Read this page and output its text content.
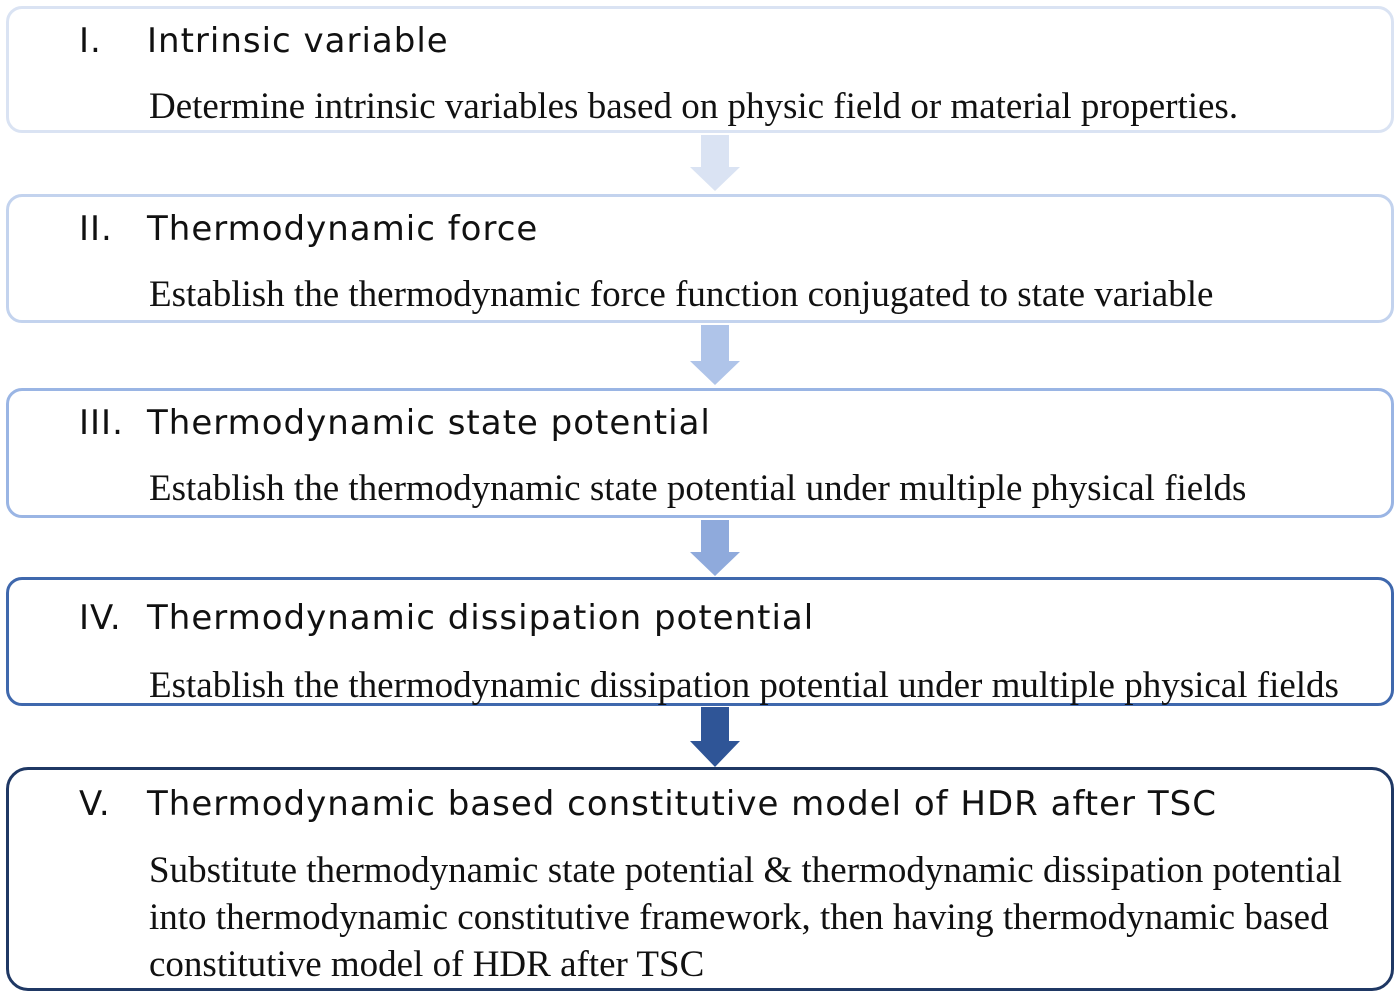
I. Intrinsic variable
Determine intrinsic variables based on physic field or material properties.
II. Thermodynamic force
Establish the thermodynamic force function conjugated to state variable
III. Thermodynamic state potential
Establish the thermodynamic state potential under multiple physical fields
IV. Thermodynamic dissipation potential
Establish the thermodynamic dissipation potential under multiple physical fields
V. Thermodynamic based constitutive model of HDR after TSC
Substitute thermodynamic state potential & thermodynamic dissipation potential
into thermodynamic constitutive framework, then having thermodynamic based
constitutive model of HDR after TSC
